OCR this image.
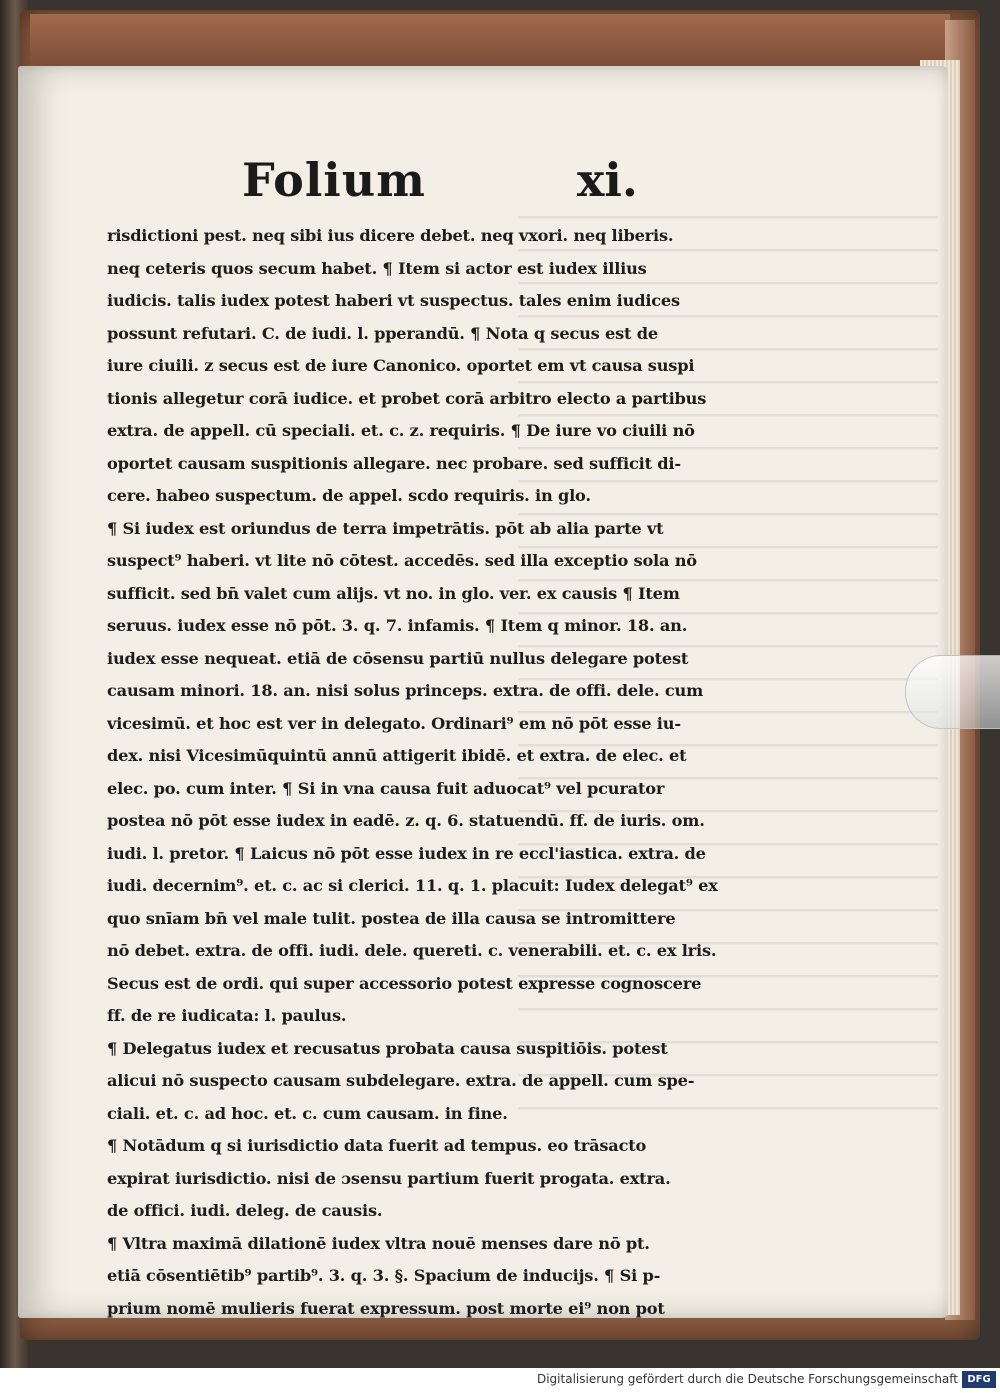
Folium	xi.
risdictioni pest. neq sibi ius dicere debet. neq vxori. neq liberis.
neq ceteris quos secum habet. ¶ Item si actor est iudex illius
iudicis. talis iudex potest haberi vt suspectus. tales enim iudices
possunt refutari. C. de iudi. l. pperandū. ¶ Nota q secus est de
iure ciuili. z secus est de iure Canonico. oportet em vt causa suspi
tionis allegetur corā iudice. et probet corā arbitro electo a partibus
extra. de appell. cū speciali. et. c. z. requiris. ¶ De iure vo ciuili nō
oportet causam suspitionis allegare. nec probare. sed sufficit di-
cere. habeo suspectum. de appel. scdo requiris. in glo.
¶ Si iudex est oriundus de terra impetrātis. pōt ab alia parte vt
suspect⁹ haberi. vt lite nō cōtest. accedēs. sed illa exceptio sola nō
sufficit. sed bn̄ valet cum alijs. vt no. in glo. ver. ex causis ¶ Item
seruus. iudex esse nō pōt. 3. q. 7. infamis. ¶ Item q minor. 18. an.
iudex esse nequeat. etiā de cōsensu partiū nullus delegare potest
causam minori. 18. an. nisi solus princeps. extra. de offi. dele. cum
vicesimū. et hoc est ver in delegato. Ordinari⁹ em nō pōt esse iu-
dex. nisi Vicesimūquintū annū attigerit ibidē. et extra. de elec. et
elec. po. cum inter. ¶ Si in vna causa fuit aduocat⁹ vel pcurator
postea nō pōt esse iudex in eadē. z. q. 6. statuendū. ff. de iuris. om.
iudi. l. pretor. ¶ Laicus nō pōt esse iudex in re eccl'iastica. extra. de
iudi. decernim⁹. et. c. ac si clerici. 11. q. 1. placuit: Iudex delegat⁹ ex
quo snīam bn̄ vel male tulit. postea de illa causa se intromittere
nō debet. extra. de offi. iudi. dele. quereti. c. venerabili. et. c. ex lris.
Secus est de ordi. qui super accessorio potest expresse cognoscere
ff. de re iudicata: l. paulus.
¶ Delegatus iudex et recusatus probata causa suspitiōis. potest
alicui nō suspecto causam subdelegare. extra. de appell. cum spe-
ciali. et. c. ad hoc. et. c. cum causam. in fine.
¶ Notādum q si iurisdictio data fuerit ad tempus. eo trāsacto
expirat iurisdictio. nisi de ɔsensu partium fuerit progata. extra.
de offici. iudi. deleg. de causis.
¶ Vltra maximā dilationē iudex vltra nouē menses dare nō pt.
etiā cōsentiētib⁹ partib⁹. 3. q. 3. §. Spacium de inducijs. ¶ Si p-
prium nomē mulieris fuerat expressum. post morte ei⁹ non pot
Digitalisierung gefördert durch die Deutsche Forschungsgemeinschaft DFG
